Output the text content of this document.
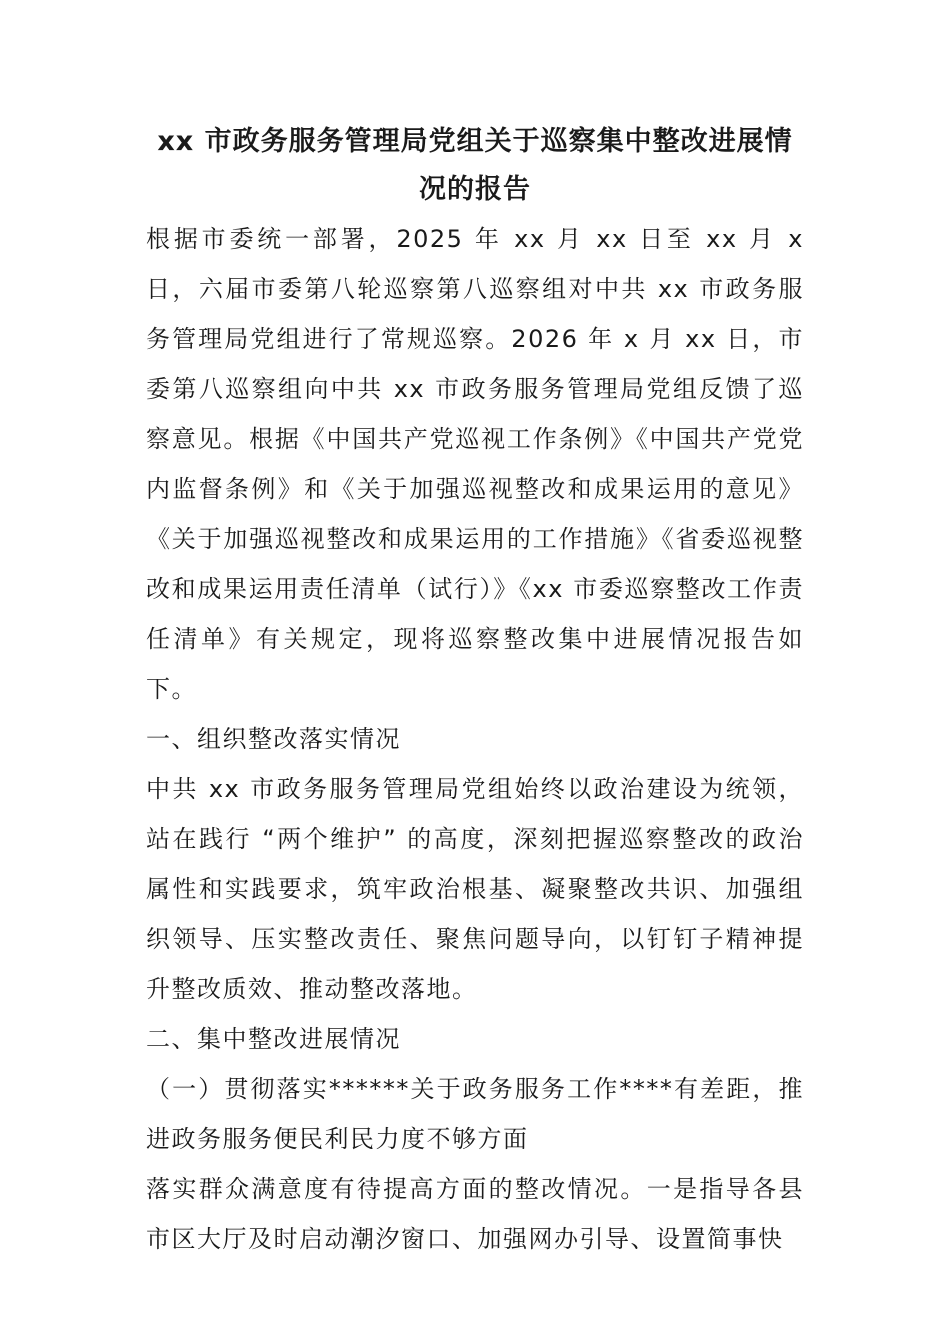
xx 市政务服务管理局党组关于巡察集中整改进展情况的报告

根据市委统一部署，2025 年 xx 月 xx 日至 xx 月 x 日，六届市委第八轮巡察第八巡察组对中共 xx 市政务服务管理局党组进行了常规巡察。2026 年 x 月 xx 日，市委第八巡察组向中共 xx 市政务服务管理局党组反馈了巡察意见。根据《中国共产党巡视工作条例》《中国共产党党内监督条例》和《关于加强巡视整改和成果运用的意见》《关于加强巡视整改和成果运用的工作措施》《省委巡视整改和成果运用责任清单（试行）》《xx 市委巡察整改工作责任清单》有关规定，现将巡察整改集中进展情况报告如下。

一、组织整改落实情况

中共 xx 市政务服务管理局党组始终以政治建设为统领，站在践行 “两个维护” 的高度，深刻把握巡察整改的政治属性和实践要求，筑牢政治根基、凝聚整改共识、加强组织领导、压实整改责任、聚焦问题导向，以钉钉子精神提升整改质效、推动整改落地。

二、集中整改进展情况

（一）贯彻落实******关于政务服务工作****有差距，推进政务服务便民利民力度不够方面

落实群众满意度有待提高方面的整改情况。一是指导各县市区大厅及时启动潮汐窗口、加强网办引导、设置简事快
